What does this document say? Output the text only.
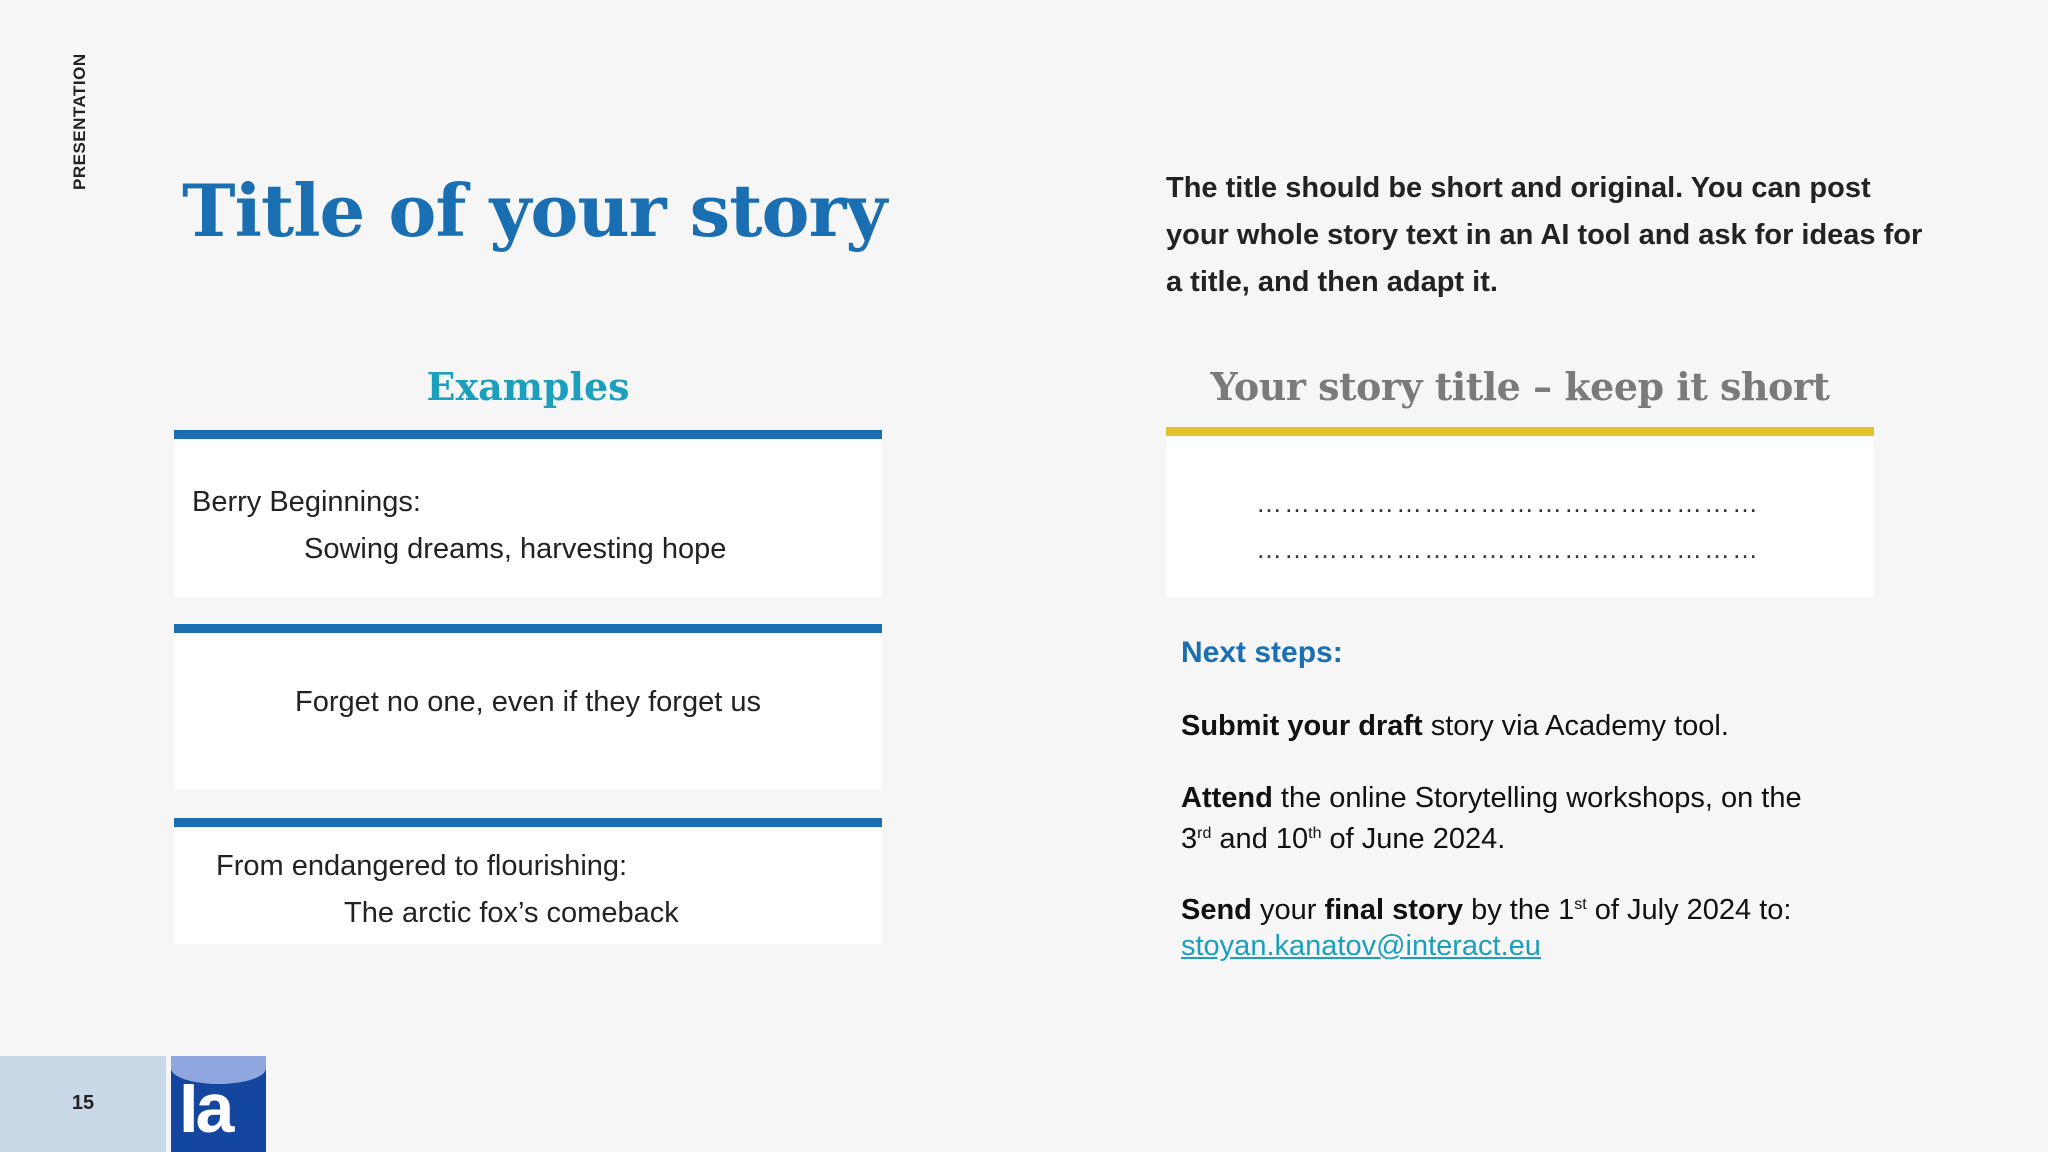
PRESENTATION
Title of your story	The title should be short and original. You can post your whole story text in an AI tool and ask for ideas for a title, and then adapt it.
Examples
Berry Beginnings:
Sowing dreams, harvesting hope
Forget no one, even if they forget us
From endangered to flourishing:
The arctic fox’s comeback
Your story title – keep it short
………………………………………………
………………………………………………
Next steps:
Submit your draft story via Academy tool.
Attend the online Storytelling workshops, on the
3rd and 10th of June 2024.
Send your final story by the 1st of July 2024 to:
stoyan.kanatov@interact.eu
15	Ia
